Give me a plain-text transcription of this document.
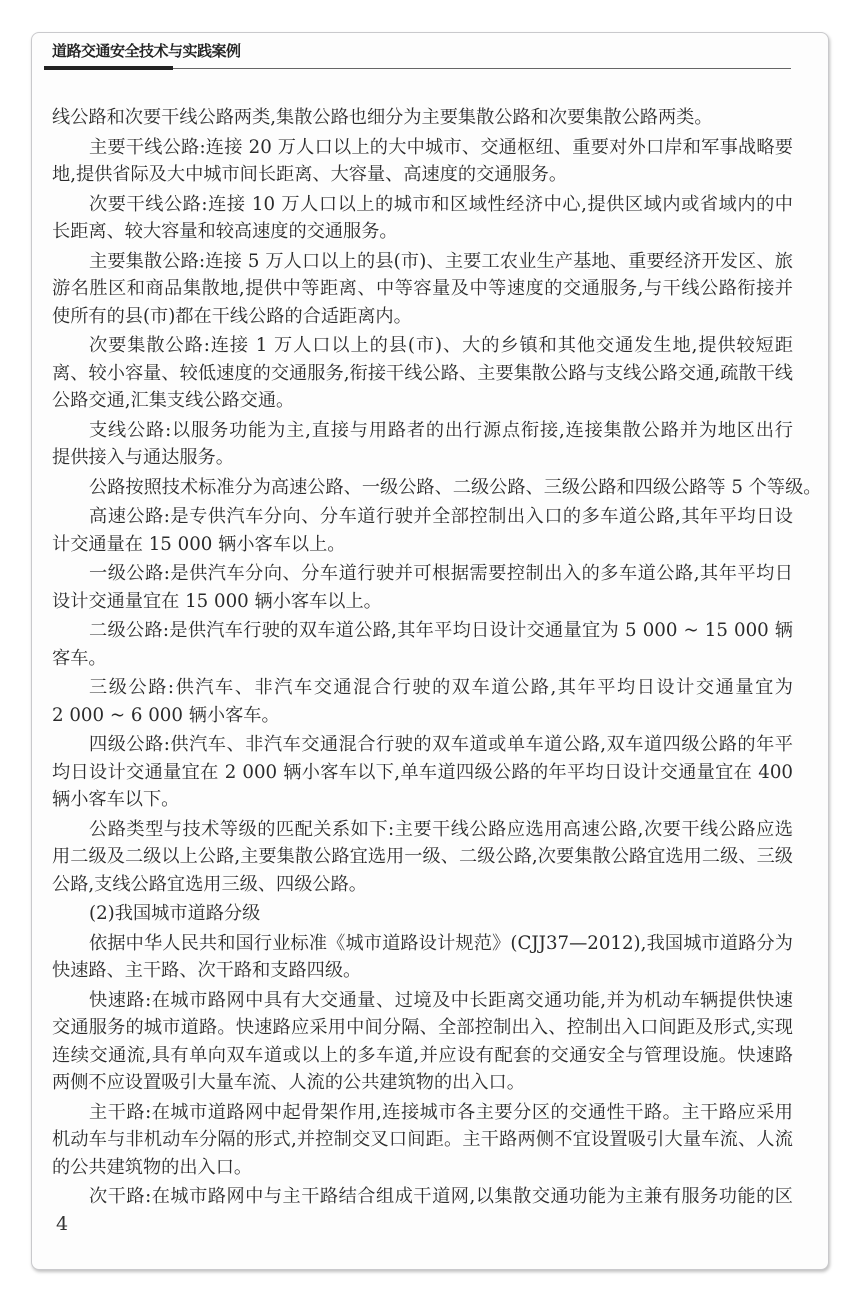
道路交通安全技术与实践案例
线公路和次要干线公路两类,集散公路也细分为主要集散公路和次要集散公路两类。
主要干线公路:连接 20 万人口以上的大中城市、交通枢纽、重要对外口岸和军事战略要
地,提供省际及大中城市间长距离、大容量、高速度的交通服务。
次要干线公路:连接 10 万人口以上的城市和区域性经济中心,提供区域内或省域内的中
长距离、较大容量和较高速度的交通服务。
主要集散公路:连接 5 万人口以上的县(市)、主要工农业生产基地、重要经济开发区、旅
游名胜区和商品集散地,提供中等距离、中等容量及中等速度的交通服务,与干线公路衔接并
使所有的县(市)都在干线公路的合适距离内。
次要集散公路:连接 1 万人口以上的县(市)、大的乡镇和其他交通发生地,提供较短距
离、较小容量、较低速度的交通服务,衔接干线公路、主要集散公路与支线公路交通,疏散干线
公路交通,汇集支线公路交通。
支线公路:以服务功能为主,直接与用路者的出行源点衔接,连接集散公路并为地区出行
提供接入与通达服务。
公路按照技术标准分为高速公路、一级公路、二级公路、三级公路和四级公路等 5 个等级。
高速公路:是专供汽车分向、分车道行驶并全部控制出入口的多车道公路,其年平均日设
计交通量在 15 000 辆小客车以上。
一级公路:是供汽车分向、分车道行驶并可根据需要控制出入的多车道公路,其年平均日
设计交通量宜在 15 000 辆小客车以上。
二级公路:是供汽车行驶的双车道公路,其年平均日设计交通量宜为 5 000 ~ 15 000 辆
客车。
三级公路:供汽车、非汽车交通混合行驶的双车道公路,其年平均日设计交通量宜为
2 000 ~ 6 000 辆小客车。
四级公路:供汽车、非汽车交通混合行驶的双车道或单车道公路,双车道四级公路的年平
均日设计交通量宜在 2 000 辆小客车以下,单车道四级公路的年平均日设计交通量宜在 400
辆小客车以下。
公路类型与技术等级的匹配关系如下:主要干线公路应选用高速公路,次要干线公路应选
用二级及二级以上公路,主要集散公路宜选用一级、二级公路,次要集散公路宜选用二级、三级
公路,支线公路宜选用三级、四级公路。
(2)我国城市道路分级
依据中华人民共和国行业标准《城市道路设计规范》(CJJ37—2012),我国城市道路分为
快速路、主干路、次干路和支路四级。
快速路:在城市路网中具有大交通量、过境及中长距离交通功能,并为机动车辆提供快速
交通服务的城市道路。快速路应采用中间分隔、全部控制出入、控制出入口间距及形式,实现
连续交通流,具有单向双车道或以上的多车道,并应设有配套的交通安全与管理设施。快速路
两侧不应设置吸引大量车流、人流的公共建筑物的出入口。
主干路:在城市道路网中起骨架作用,连接城市各主要分区的交通性干路。主干路应采用
机动车与非机动车分隔的形式,并控制交叉口间距。主干路两侧不宜设置吸引大量车流、人流
的公共建筑物的出入口。
次干路:在城市路网中与主干路结合组成干道网,以集散交通功能为主兼有服务功能的区
4
